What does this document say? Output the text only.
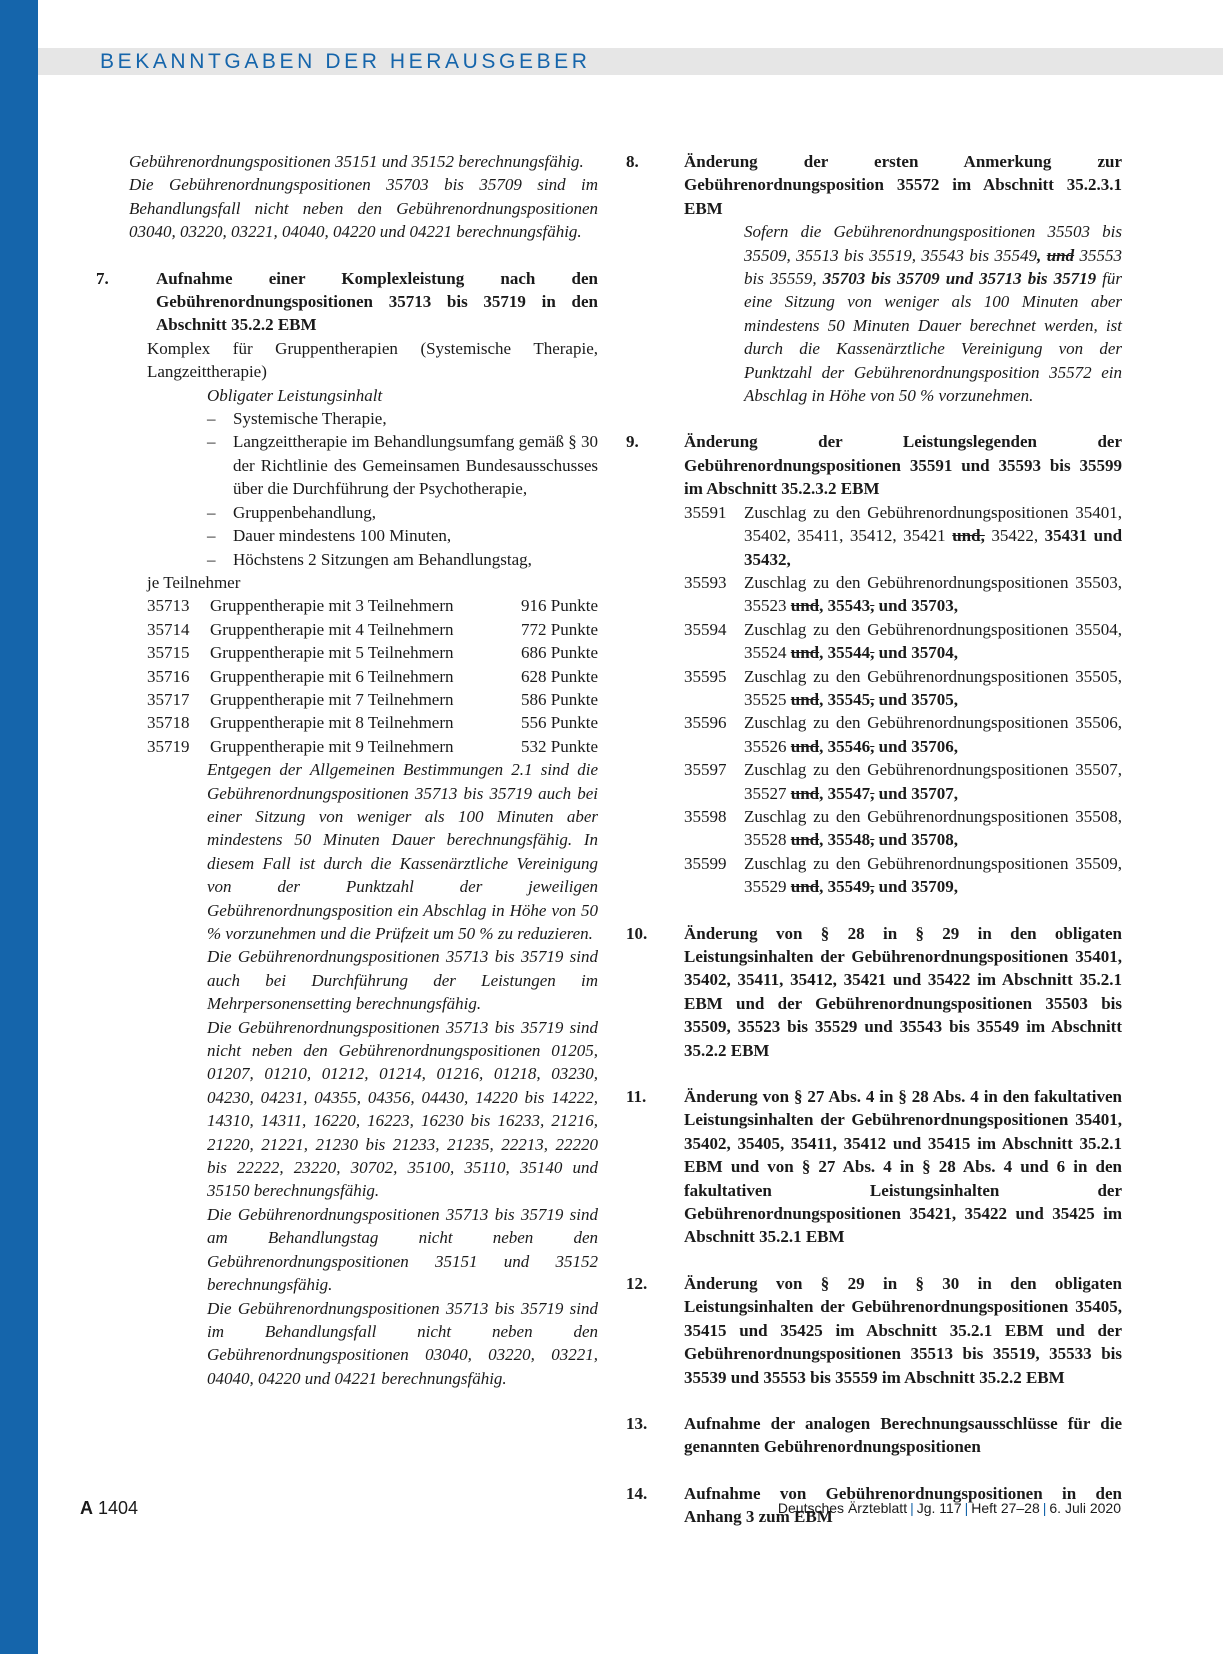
BEKANNTGABEN DER HERAUSGEBER

Gebührenordnungspositionen 35151 und 35152 berechnungsfähig.

Die Gebührenordnungspositionen 35703 bis 35709 sind im Behandlungsfall nicht neben den Gebührenordnungspositionen 03040, 03220, 03221, 04040, 04220 und 04221 berechnungsfähig.

7.	Aufnahme einer Komplexleistung nach den Gebührenordnungspositionen 35713 bis 35719 in den Abschnitt 35.2.2 EBM

Komplex für Gruppentherapien (Systemische Therapie, Langzeittherapie)

Obligater Leistungsinhalt

–	Systemische Therapie,
–	Langzeittherapie im Behandlungsumfang gemäß § 30 der Richtlinie des Gemeinsamen Bundesausschusses über die Durchführung der Psychotherapie,
–	Gruppenbehandlung,
–	Dauer mindestens 100 Minuten,
–	Höchstens 2 Sitzungen am Behandlungstag,

je Teilnehmer

35713	Gruppentherapie mit 3 Teilnehmern	916 Punkte
35714	Gruppentherapie mit 4 Teilnehmern	772 Punkte
35715	Gruppentherapie mit 5 Teilnehmern	686 Punkte
35716	Gruppentherapie mit 6 Teilnehmern	628 Punkte
35717	Gruppentherapie mit 7 Teilnehmern	586 Punkte
35718	Gruppentherapie mit 8 Teilnehmern	556 Punkte
35719	Gruppentherapie mit 9 Teilnehmern	532 Punkte

Entgegen der Allgemeinen Bestimmungen 2.1 sind die Gebührenordnungspositionen 35713 bis 35719 auch bei einer Sitzung von weniger als 100 Minuten aber mindestens 50 Minuten Dauer berechnungsfähig. In diesem Fall ist durch die Kassenärztliche Vereinigung von der Punktzahl der jeweiligen Gebührenordnungsposition ein Abschlag in Höhe von 50 % vorzunehmen und die Prüfzeit um 50 % zu reduzieren.

Die Gebührenordnungspositionen 35713 bis 35719 sind auch bei Durchführung der Leistungen im Mehrpersonensetting berechnungsfähig.

Die Gebührenordnungspositionen 35713 bis 35719 sind nicht neben den Gebührenordnungspositionen 01205, 01207, 01210, 01212, 01214, 01216, 01218, 03230, 04230, 04231, 04355, 04356, 04430, 14220 bis 14222, 14310, 14311, 16220, 16223, 16230 bis 16233, 21216, 21220, 21221, 21230 bis 21233, 21235, 22213, 22220 bis 22222, 23220, 30702, 35100, 35110, 35140 und 35150 berechnungsfähig.

Die Gebührenordnungspositionen 35713 bis 35719 sind am Behandlungstag nicht neben den Gebührenordnungspositionen 35151 und 35152 berechnungsfähig.

Die Gebührenordnungspositionen 35713 bis 35719 sind im Behandlungsfall nicht neben den Gebührenordnungspositionen 03040, 03220, 03221, 04040, 04220 und 04221 berechnungsfähig.

8.	Änderung der ersten Anmerkung zur Gebührenordnungsposition 35572 im Abschnitt 35.2.3.1 EBM

Sofern die Gebührenordnungspositionen 35503 bis 35509, 35513 bis 35519, 35543 bis 35549, und 35553 bis 35559, 35703 bis 35709 und 35713 bis 35719 für eine Sitzung von weniger als 100 Minuten aber mindestens 50 Minuten Dauer berechnet werden, ist durch die Kassenärztliche Vereinigung von der Punktzahl der Gebührenordnungsposition 35572 ein Abschlag in Höhe von 50 % vorzunehmen.

9.	Änderung der Leistungslegenden der Gebührenordnungspositionen 35591 und 35593 bis 35599 im Abschnitt 35.2.3.2 EBM

35591	Zuschlag zu den Gebührenordnungspositionen 35401, 35402, 35411, 35412, 35421 und, 35422, 35431 und 35432,
35593	Zuschlag zu den Gebührenordnungspositionen 35503, 35523 und, 35543, und 35703,
35594	Zuschlag zu den Gebührenordnungspositionen 35504, 35524 und, 35544, und 35704,
35595	Zuschlag zu den Gebührenordnungspositionen 35505, 35525 und, 35545, und 35705,
35596	Zuschlag zu den Gebührenordnungspositionen 35506, 35526 und, 35546, und 35706,
35597	Zuschlag zu den Gebührenordnungspositionen 35507, 35527 und, 35547, und 35707,
35598	Zuschlag zu den Gebührenordnungspositionen 35508, 35528 und, 35548, und 35708,
35599	Zuschlag zu den Gebührenordnungspositionen 35509, 35529 und, 35549, und 35709,
10.	Änderung von § 28 in § 29 in den obligaten Leistungsinhalten der Gebührenordnungspositionen 35401, 35402, 35411, 35412, 35421 und 35422 im Abschnitt 35.2.1 EBM und der Gebührenordnungspositionen 35503 bis 35509, 35523 bis 35529 und 35543 bis 35549 im Abschnitt 35.2.2 EBM

11.	Änderung von § 27 Abs. 4 in § 28 Abs. 4 in den fakultativen Leistungsinhalten der Gebührenordnungspositionen 35401, 35402, 35405, 35411, 35412 und 35415 im Abschnitt 35.2.1 EBM und von § 27 Abs. 4 in § 28 Abs. 4 und 6 in den fakultativen Leistungsinhalten der Gebührenordnungspositionen 35421, 35422 und 35425 im Abschnitt 35.2.1 EBM

12.	Änderung von § 29 in § 30 in den obligaten Leistungsinhalten der Gebührenordnungspositionen 35405, 35415 und 35425 im Abschnitt 35.2.1 EBM und der Gebührenordnungspositionen 35513 bis 35519, 35533 bis 35539 und 35553 bis 35559 im Abschnitt 35.2.2 EBM

13.	Aufnahme der analogen Berechnungsausschlüsse für die genannten Gebührenordnungspositionen

14.	Aufnahme von Gebührenordnungspositionen in den Anhang 3 zum EBM

A 1404	Deutsches Ärzteblatt | Jg. 117 | Heft 27–28 | 6. Juli 2020
